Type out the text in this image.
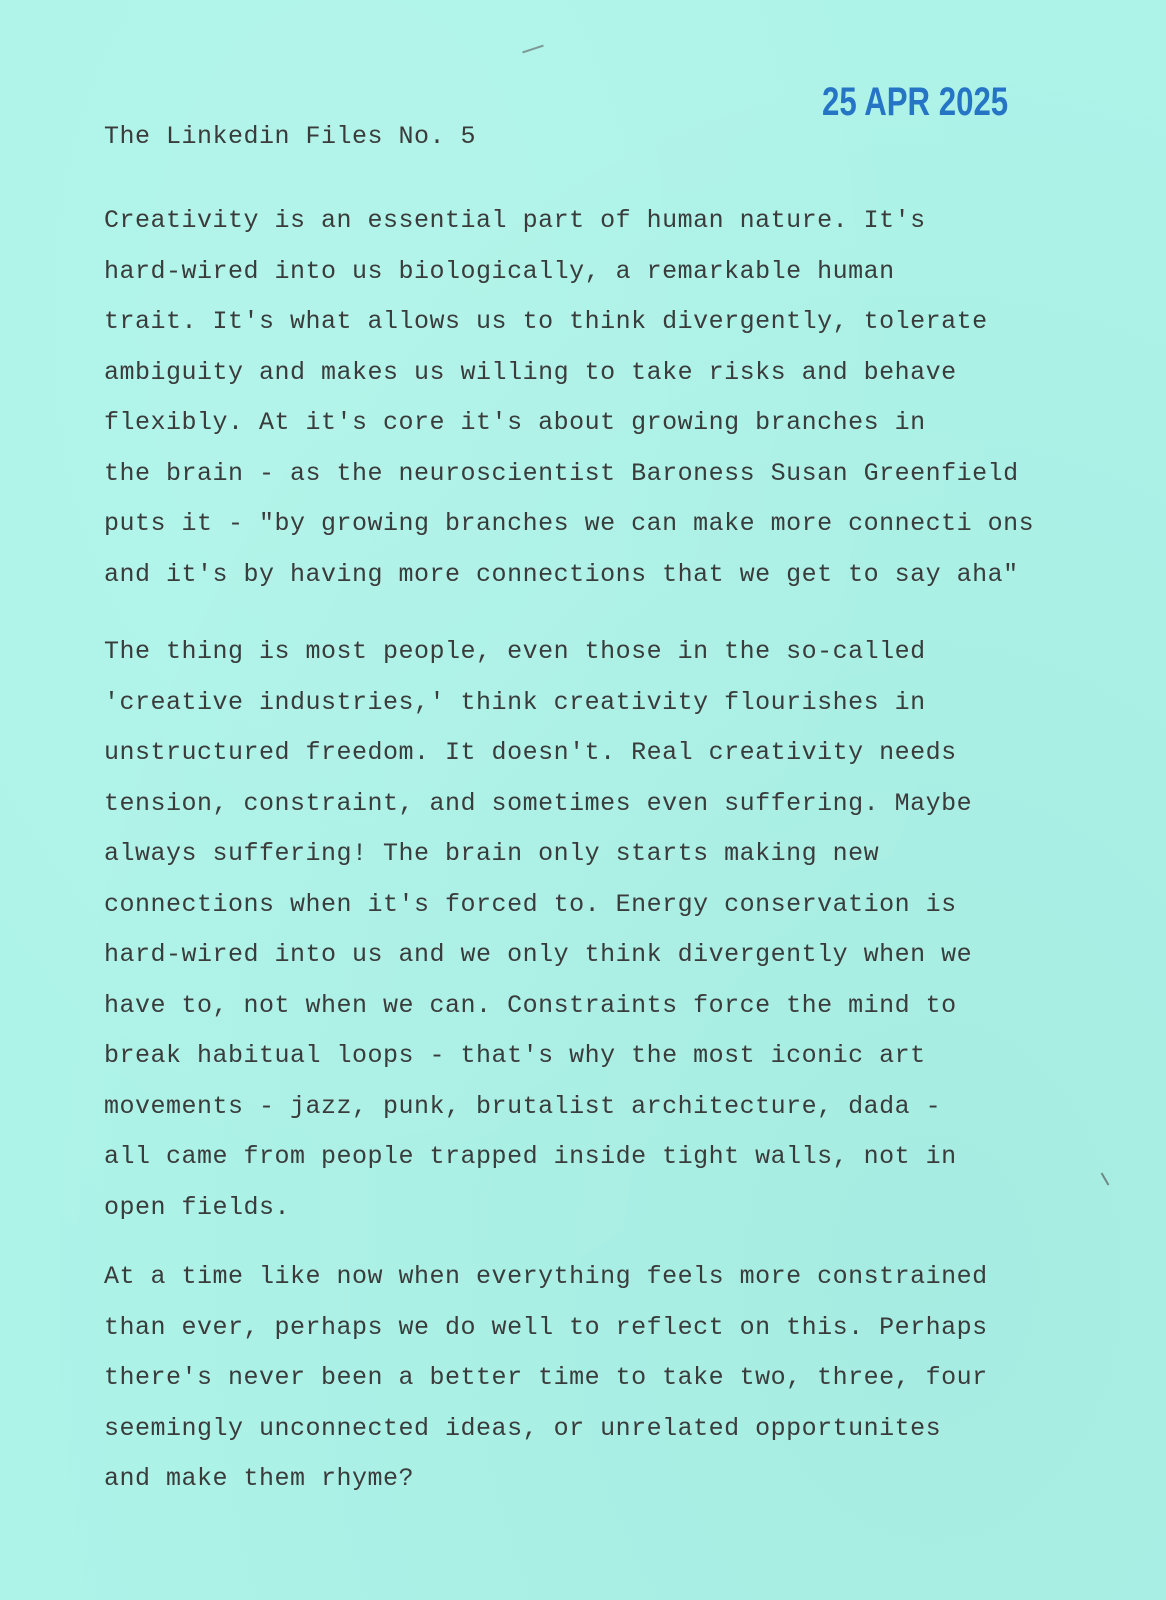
25 APR 2025
The Linkedin Files No. 5

Creativity is an essential part of human nature. It's
hard-wired into us biologically, a remarkable human
trait. It's what allows us to think divergently, tolerate
ambiguity and makes us willing to take risks and behave
flexibly. At it's core it's about growing branches in
the brain - as the neuroscientist Baroness Susan Greenfield
puts it - "by growing branches we can make more connecti ons
and it's by having more connections that we get to say aha"

The thing is most people, even those in the so-called
'creative industries,' think creativity flourishes in
unstructured freedom. It doesn't. Real creativity needs
tension, constraint, and sometimes even suffering. Maybe
always suffering! The brain only starts making new
connections when it's forced to. Energy conservation is
hard-wired into us and we only think divergently when we
have to, not when we can. Constraints force the mind to
break habitual loops - that's why the most iconic art
movements - jazz, punk, brutalist architecture, dada -
all came from people trapped inside tight walls, not in
open fields.

At a time like now when everything feels more constrained
than ever, perhaps we do well to reflect on this. Perhaps
there's never been a better time to take two, three, four
seemingly unconnected ideas, or unrelated opportunites
and make them rhyme?
